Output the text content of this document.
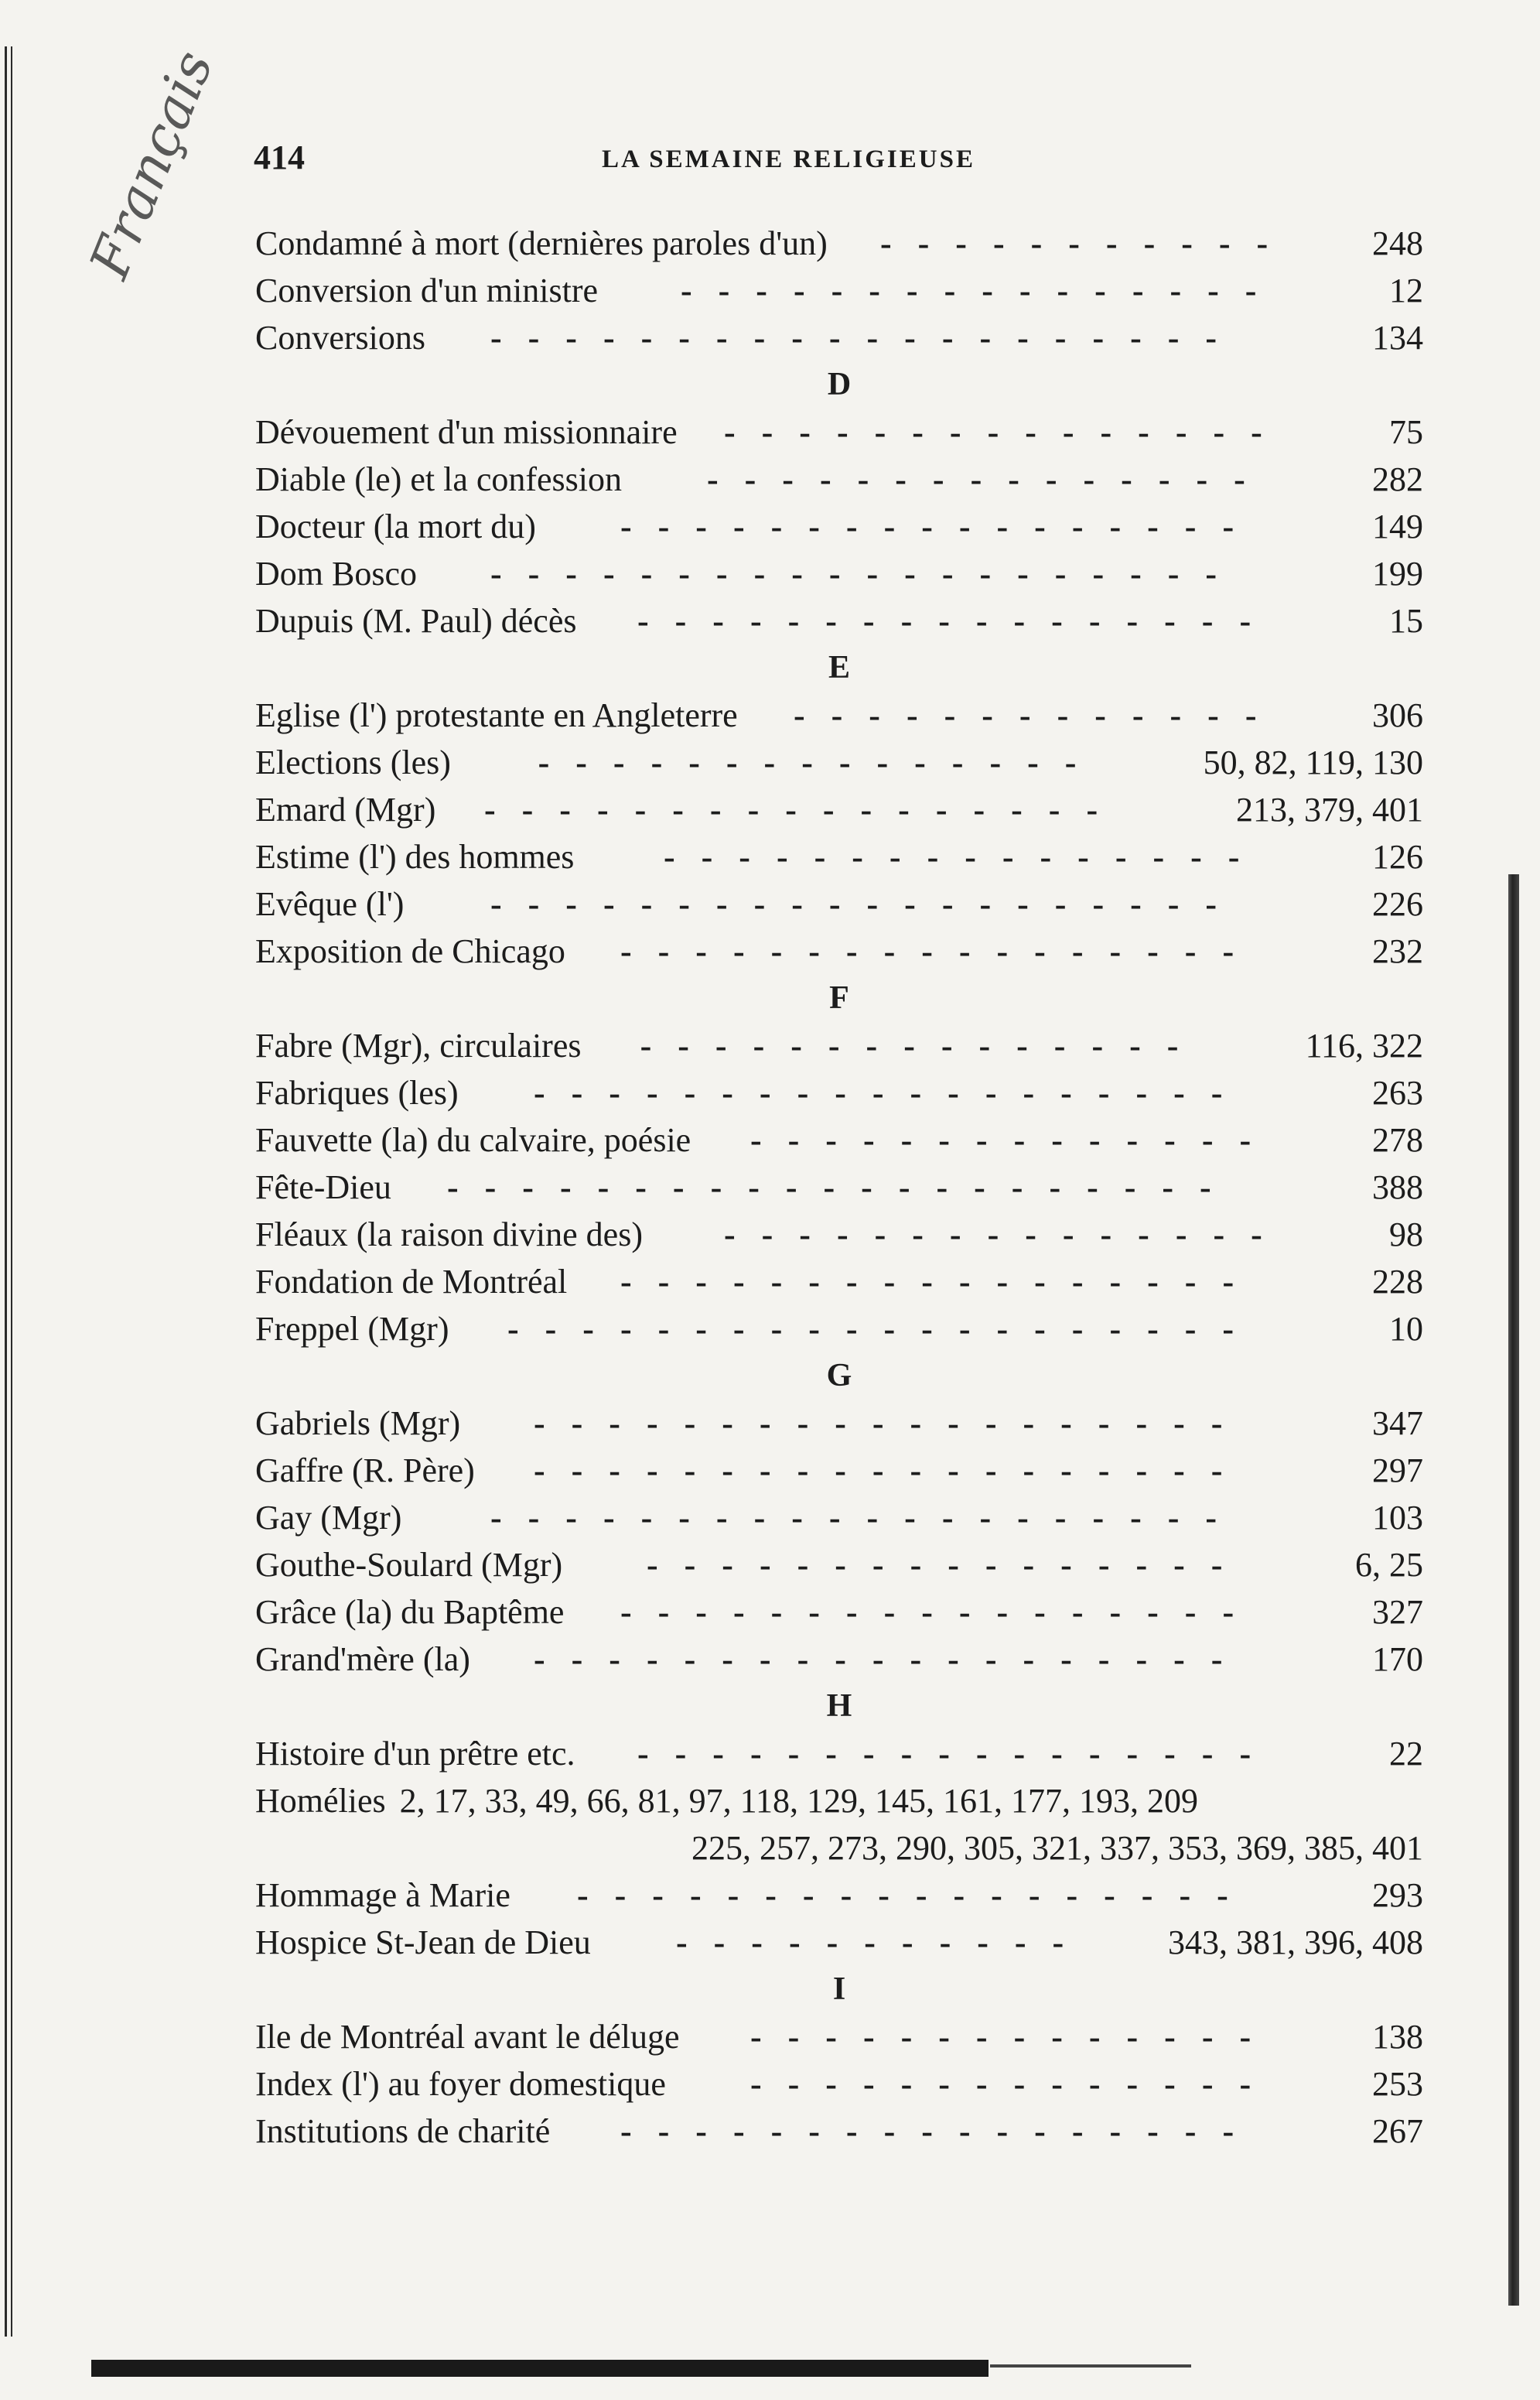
414	LA SEMAINE RELIGIEUSE
Français Condamné à mort (dernières paroles d'un) ----------- 248
Conversion d'un ministre ----------------	12
Conversions --------------------	134
D
Dévouement d'un missionnaire ---------------	75
Diable (le) et la confession ---------------	282
Docteur (la mort du) -----------------	149
Dom Bosco --------------------	199
Dupuis (M. Paul) décès -----------------	15
E
Eglise (l') protestante en Angleterre -------------	306
Elections (les)	---------------	50, 82, 119, 130
Emard (Mgr) -----------------	213, 379, 401
Estime (l') des hommes	----------------	126
Evêque (l')	--------------------	226
Exposition de Chicago -----------------	232
F
Fabre (Mgr), circulaires ---------------	116, 322
Fabriques (les) -------------------	263
Fauvette (la) du calvaire, poésie --------------	278
Fête-Dieu ---------------------	388
Fléaux (la raison divine des) ---------------	98
Fondation de Montréal -----------------	228
Freppel (Mgr) --------------------	10
G
Gabriels (Mgr) -------------------	347
Gaffre (R. Père) -------------------	297
Gay (Mgr)	--------------------	103
Gouthe-Soulard (Mgr) ----------------	6, 25
Grâce (la) du Baptême -----------------	327
Grand'mère (la) -------------------	170
H
Histoire d'un prêtre etc. -----------------	22
Homélies 2, 17, 33, 49, 66, 81, 97, 118, 129, 145, 161, 177, 193, 209
225, 257, 273, 290, 305, 321, 337, 353, 369, 385, 401
Hommage à Marie ------------------	293
Hospice St-Jean de Dieu	----------- 343, 381, 396, 408
I
Ile de Montréal avant le déluge --------------	138
Index (l') au foyer domestique --------------	253
Institutions de charité -----------------	267
